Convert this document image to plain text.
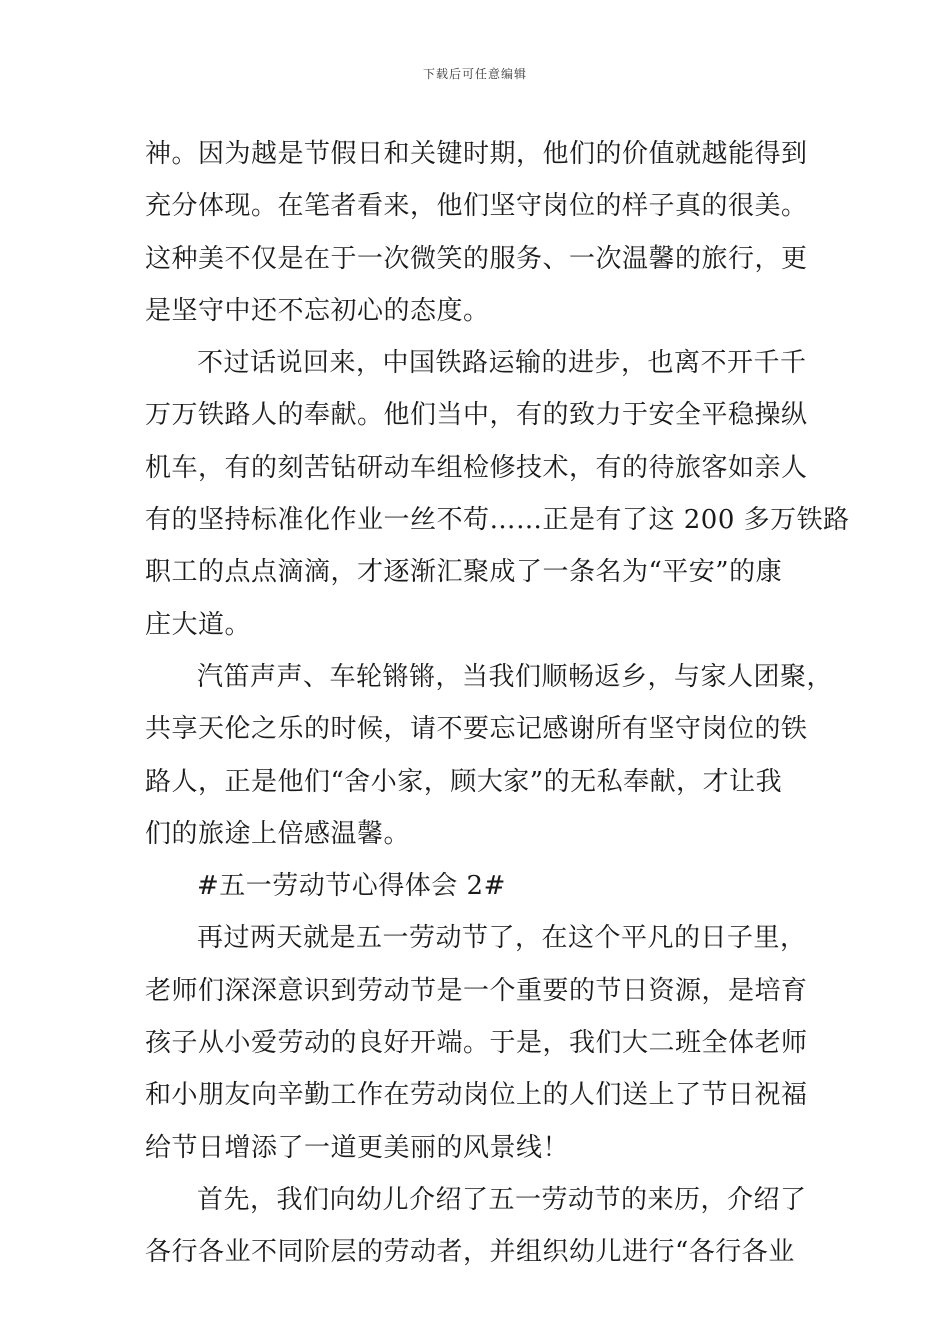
下载后可任意编辑
神。因为越是节假日和关键时期，他们的价值就越能得到
充分体现。在笔者看来，他们坚守岗位的样子真的很美。
这种美不仅是在于一次微笑的服务、一次温馨的旅行，更
是坚守中还不忘初心的态度。
不过话说回来，中国铁路运输的进步，也离不开千千
万万铁路人的奉献。他们当中，有的致力于安全平稳操纵
机车，有的刻苦钻研动车组检修技术，有的待旅客如亲人
有的坚持标准化作业一丝不苟……正是有了这 200 多万铁路
职工的点点滴滴，才逐渐汇聚成了一条名为“平安”的康
庄大道。
汽笛声声、车轮锵锵，当我们顺畅返乡，与家人团聚，
共享天伦之乐的时候，请不要忘记感谢所有坚守岗位的铁
路人，正是他们“舍小家，顾大家”的无私奉献，才让我
们的旅途上倍感温馨。
#五一劳动节心得体会 2#
再过两天就是五一劳动节了，在这个平凡的日子里，
老师们深深意识到劳动节是一个重要的节日资源，是培育
孩子从小爱劳动的良好开端。于是，我们大二班全体老师
和小朋友向辛勤工作在劳动岗位上的人们送上了节日祝福
给节日增添了一道更美丽的风景线！
首先，我们向幼儿介绍了五一劳动节的来历，介绍了
各行各业不同阶层的劳动者，并组织幼儿进行“各行各业
